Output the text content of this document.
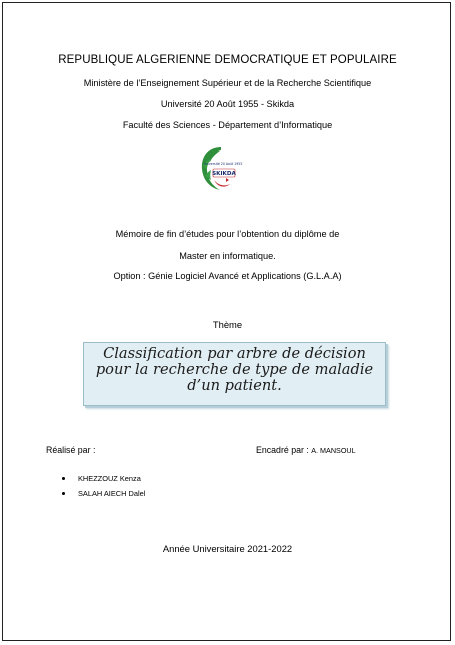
REPUBLIQUE ALGERIENNE DEMOCRATIQUE ET POPULAIRE
Ministère de l’Enseignement Supérieur et de la Recherche Scientifique
Université 20 Août 1955 - Skikda
Faculté des Sciences - Département d’Informatique
Université 20 Août 1955
SKIKDA
Mémoire de fin d’études pour l’obtention du diplôme de
Master en informatique.
Option : Génie Logiciel Avancé et Applications (G.L.A.A)
Thème

Classification par arbre de décision
pour la recherche de type de maladie
d’un patient.

Réalisé par :	Encadré par : A. MANSOUL
KHEZZOUZ Kenza
SALAH AIECH Dalel
Année Universitaire 2021-2022
